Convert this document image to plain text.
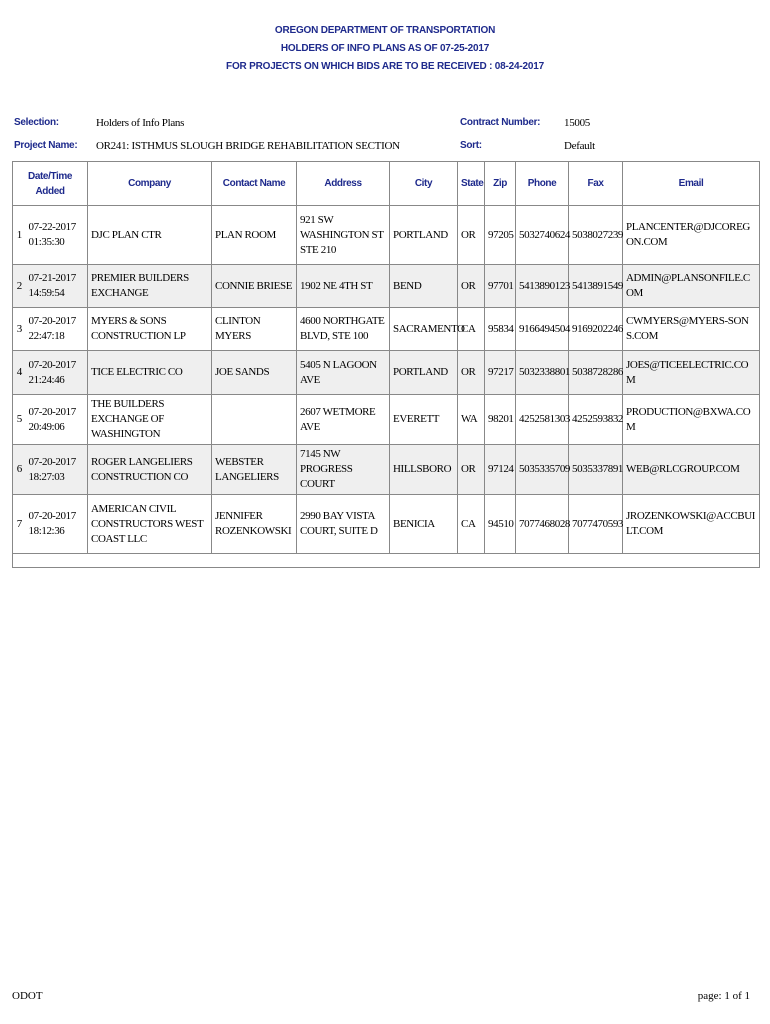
OREGON DEPARTMENT OF TRANSPORTATION
HOLDERS OF INFO PLANS AS OF 07-25-2017
FOR PROJECTS ON WHICH BIDS ARE TO BE RECEIVED : 08-24-2017
Selection:	Holders of Info Plans
Project Name: OR241: ISTHMUS SLOUGH BRIDGE REHABILITATION SECTION
Contract Number: 15005
Sort:	Default
Date/Time Added		Company	Contact Name	Address	City	State	Zip	Phone	Fax	Email
1	07-22-2017 01:35:30	DJC PLAN CTR	PLAN ROOM	921 SW WASHINGTON ST STE 210	PORTLAND	OR	97205	5032740624	5038027239	PLANCENTER@DJCOREGON.COM
2	07-21-2017 14:59:54	PREMIER BUILDERS EXCHANGE	CONNIE BRIESE	1902 NE 4TH ST	BEND	OR	97701	5413890123	5413891549	ADMIN@PLANSONFILE.COM
3	07-20-2017 22:47:18	MYERS & SONS CONSTRUCTION LP	CLINTON MYERS	4600 NORTHGATE BLVD, STE 100	SACRAMENTO	CA	95834	9166494504	9169202246	CWMYERS@MYERS-SONS.COM
4	07-20-2017 21:24:46	TICE ELECTRIC CO	JOE SANDS	5405 N LAGOON AVE	PORTLAND	OR	97217	5032338801	5038728286	JOES@TICEELECTRIC.COM
5	07-20-2017 20:49:06	THE BUILDERS EXCHANGE OF WASHINGTON		2607 WETMORE AVE	EVERETT	WA	98201	4252581303	4252593832	PRODUCTION@BXWA.COM
6	07-20-2017 18:27:03	ROGER LANGELIERS CONSTRUCTION CO	WEBSTER LANGELIERS	7145 NW PROGRESS COURT	HILLSBORO	OR	97124	5035335709	5035337891	WEB@RLCGROUP.COM
7	07-20-2017 18:12:36	AMERICAN CIVIL CONSTRUCTORS WEST COAST LLC	JENNIFER ROZENKOWSKI	2990 BAY VISTA COURT, SUITE D	BENICIA	CA	94510	7077468028	7077470593	JROZENKOWSKI@ACCBUILT.COM

ODOT	page: 1 of 1
